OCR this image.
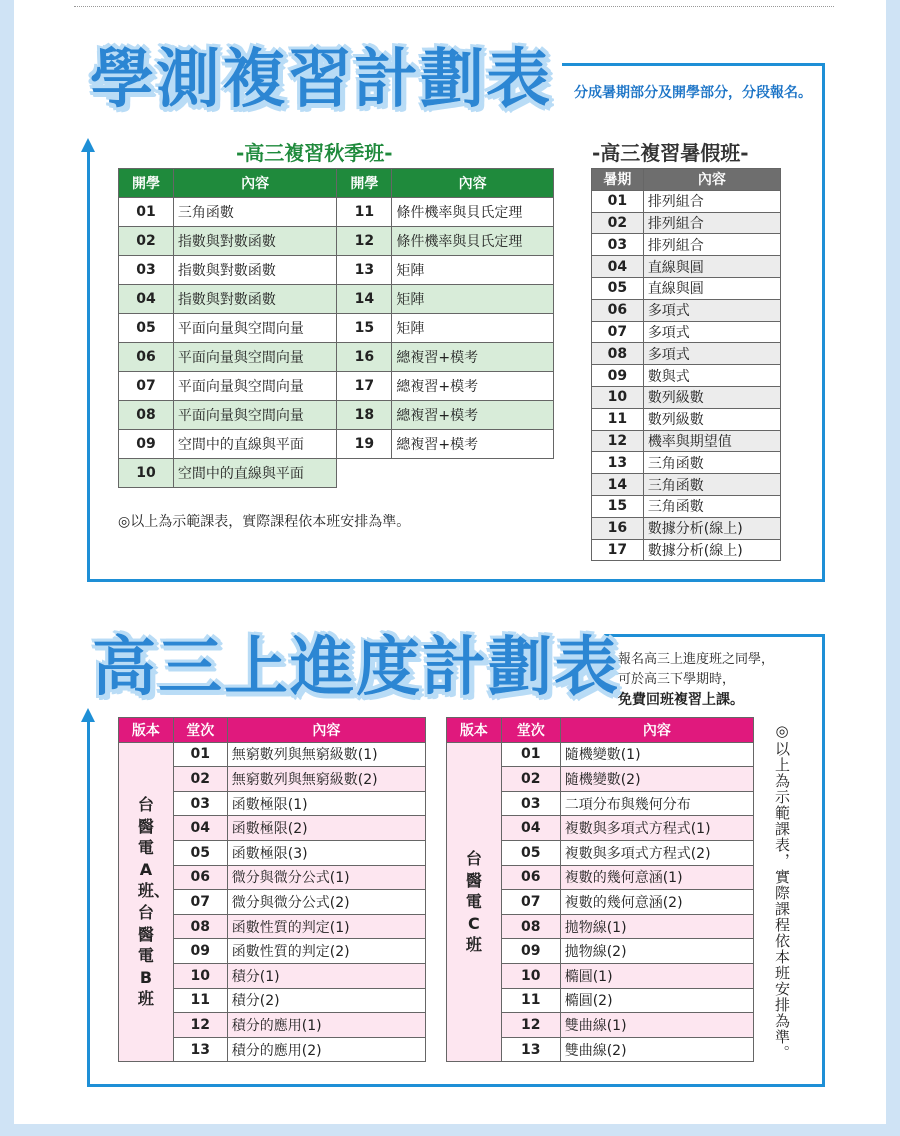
學測複習計劃表 分成暑期部分及開學部分，分段報名。
-高三複習秋季班-	-高三複習暑假班-
開學	內容	開學	內容
01	三角函數	11	條件機率與貝氏定理
02	指數與對數函數	12	條件機率與貝氏定理
03	指數與對數函數	13	矩陣
04	指數與對數函數	14	矩陣
05	平面向量與空間向量	15	矩陣
06	平面向量與空間向量	16	總複習+模考
07	平面向量與空間向量	17	總複習+模考
08	平面向量與空間向量	18	總複習+模考
09	空間中的直線與平面	19	總複習+模考
10	空間中的直線與平面		
◎以上為示範課表，實際課程依本班安排為準。
暑期	內容
01	排列組合
02	排列組合
03	排列組合
04	直線與圓
05	直線與圓
06	多項式
07	多項式
08	多項式
09	數與式
10	數列級數
11	數列級數
12	機率與期望值
13	三角函數
14	三角函數
15	三角函數
16	數據分析(線上)
17	數據分析(線上)
高三上進度計劃表
報名高三上進度班之同學，
可於高三下學期時，
免費回班複習上課。
版本	堂次	內容
台醫電A班、台醫電B班	01	無窮數列與無窮級數(1)
	02	無窮數列與無窮級數(2)
	03	函數極限(1)
	04	函數極限(2)
	05	函數極限(3)
	06	微分與微分公式(1)
	07	微分與微分公式(2)
	08	函數性質的判定(1)
	09	函數性質的判定(2)
	10	積分(1)
	11	積分(2)
	12	積分的應用(1)
	13	積分的應用(2)
版本	堂次	內容
台醫電C班	01	隨機變數(1)
	02	隨機變數(2)
	03	二項分布與幾何分布
	04	複數與多項式方程式(1)
	05	複數與多項式方程式(2)
	06	複數的幾何意涵(1)
	07	複數的幾何意涵(2)
	08	拋物線(1)
	09	拋物線(2)
	10	橢圓(1)
	11	橢圓(2)
	12	雙曲線(1)
	13	雙曲線(2)	◎以上為示範課表，實際課程依本班安排為準。
